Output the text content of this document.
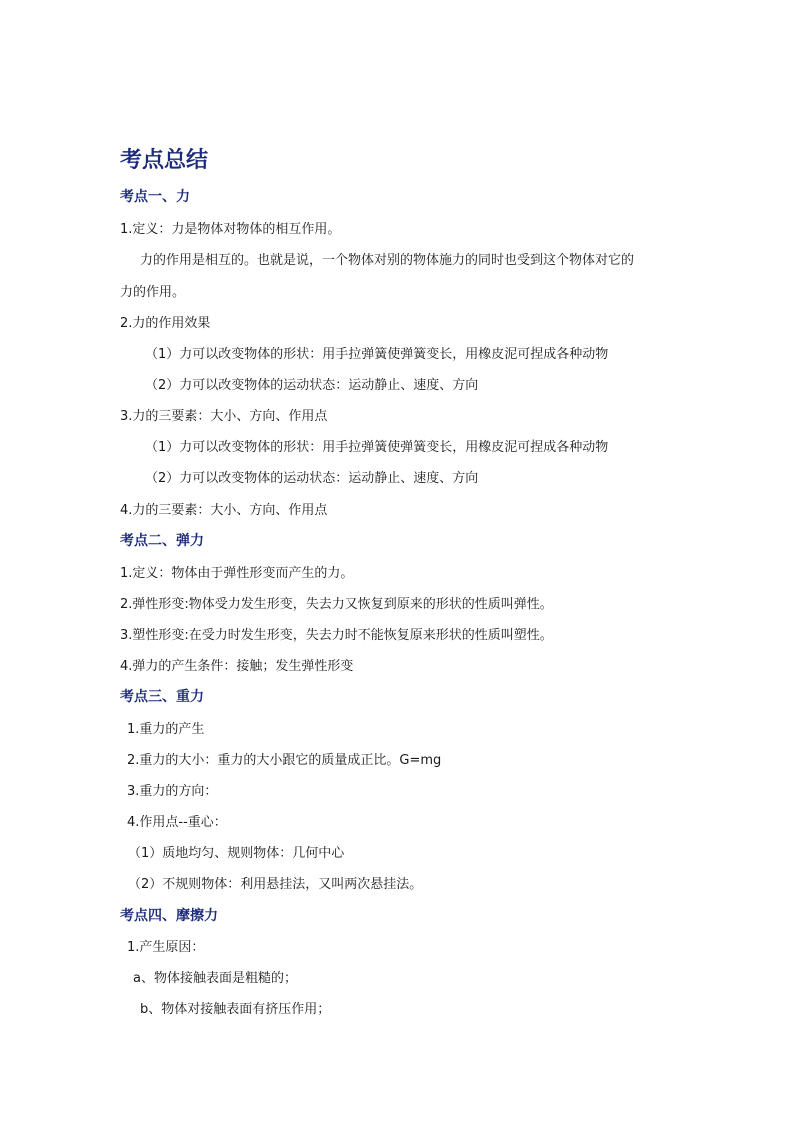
考点总结
考点一、力
1.定义：力是物体对物体的相互作用。
力的作用是相互的。也就是说，一个物体对别的物体施力的同时也受到这个物体对它的
力的作用。
2.力的作用效果
（1）力可以改变物体的形状：用手拉弹簧使弹簧变长，用橡皮泥可捏成各种动物
（2）力可以改变物体的运动状态：运动静止、速度、方向
3.力的三要素：大小、方向、作用点
（1）力可以改变物体的形状：用手拉弹簧使弹簧变长，用橡皮泥可捏成各种动物
（2）力可以改变物体的运动状态：运动静止、速度、方向
4.力的三要素：大小、方向、作用点
考点二、弹力
1.定义：物体由于弹性形变而产生的力。
2.弹性形变:物体受力发生形变，失去力又恢复到原来的形状的性质叫弹性。
3.塑性形变:在受力时发生形变，失去力时不能恢复原来形状的性质叫塑性。
4.弹力的产生条件：接触；发生弹性形变
考点三、重力
1.重力的产生
2.重力的大小：重力的大小跟它的质量成正比。G=mg
3.重力的方向：
4.作用点--重心：
（1）质地均匀、规则物体：几何中心
（2）不规则物体：利用悬挂法，又叫两次悬挂法。
考点四、摩擦力
1.产生原因：
a、物体接触表面是粗糙的；
b、物体对接触表面有挤压作用；
